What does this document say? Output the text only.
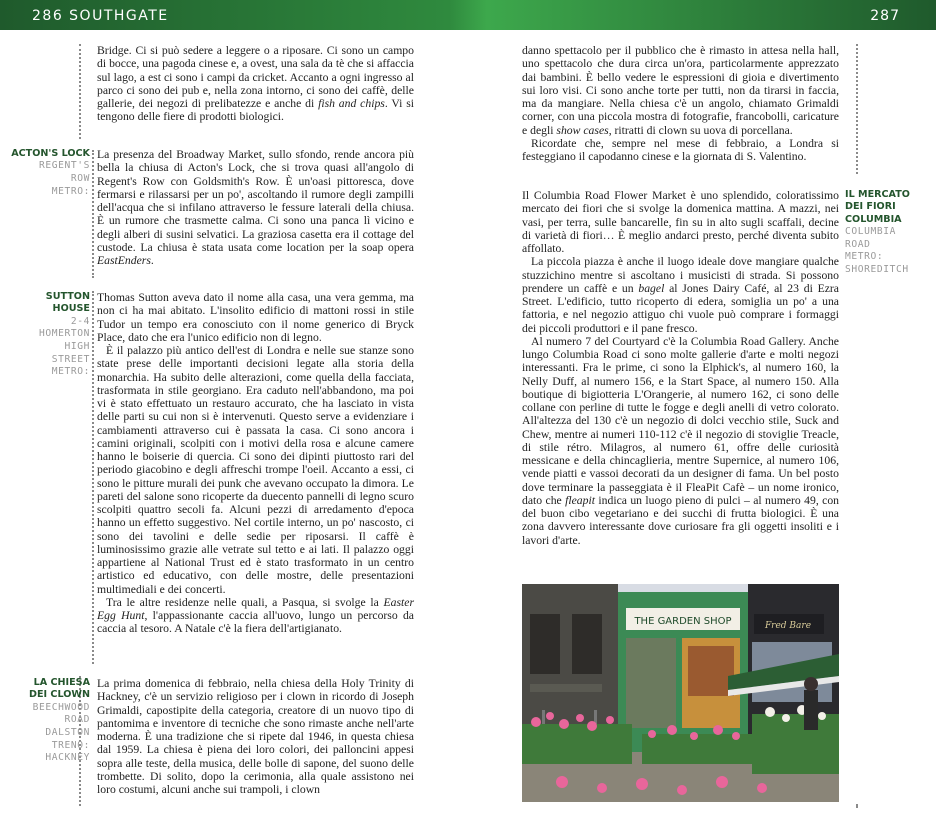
286 SOUTHGATE	287

Bridge. Ci si può sedere a leggere o a riposare. Ci sono un campo di bocce, una pagoda cinese e, a ovest, una sala da tè che si affaccia sul lago, a est ci sono i campi da cricket. Accanto a ogni ingresso al parco ci sono dei pub e, nella zona intorno, ci sono dei caffè, delle gallerie, dei negozi di prelibatezze e anche di fish and chips. Vi si tengono delle fiere di prodotti biologici.

ACTON'S LOCK
REGENT'S
ROW
METRO:

La presenza del Broadway Market, sullo sfondo, rende ancora più bella la chiusa di Acton's Lock, che si trova quasi all'angolo di Regent's Row con Goldsmith's Row. È un'oasi pittoresca, dove fermarsi e rilassarsi per un po', ascoltando il rumore degli zampilli dell'acqua che si infilano attraverso le fessure laterali della chiusa. È un rumore che trasmette calma. Ci sono una panca lì vicino e degli alberi di susini selvatici. La graziosa casetta era il cottage del custode. La chiusa è stata usata come location per la soap opera EastEnders.

SUTTON HOUSE
2-4
HOMERTON
HIGH
STREET
METRO:

Thomas Sutton aveva dato il nome alla casa, una vera gemma, ma non ci ha mai abitato. L'insolito edificio di mattoni rossi in stile Tudor un tempo era conosciuto con il nome generico di Bryck Place, dato che era l'unico edificio non di legno.

È il palazzo più antico dell'est di Londra e nelle sue stanze sono state prese delle importanti decisioni legate alla storia della monarchia. Ha subito delle alterazioni, come quella della facciata, trasformata in stile georgiano. Era caduto nell'abbandono, ma poi vi è stato effettuato un restauro accurato, che ha lasciato in vista delle parti su cui non si è intervenuti. Questo serve a evidenziare i cambiamenti attraverso cui è passata la casa. Ci sono ancora i camini originali, scolpiti con i motivi della rosa e alcune camere hanno le boiserie di quercia. Ci sono dei dipinti piuttosto rari del periodo giacobino e degli affreschi trompe l'oeil. Accanto a essi, ci sono le pitture murali dei punk che avevano occupato la dimora. Le pareti del salone sono ricoperte da duecento pannelli di legno scuro scolpiti quattro secoli fa. Alcuni pezzi di arredamento d'epoca hanno un effetto suggestivo. Nel cortile interno, un po' nascosto, ci sono dei tavolini e delle sedie per riposarsi. Il caffè è luminosissimo grazie alle vetrate sul tetto e ai lati. Il palazzo oggi appartiene al National Trust ed è stato trasformato in un centro artistico ed educativo, con delle mostre, delle presentazioni multimediali e dei concerti.

Tra le altre residenze nelle quali, a Pasqua, si svolge la Easter Egg Hunt, l'appassionante caccia all'uovo, lungo un percorso da caccia al tesoro. A Natale c'è la fiera dell'artigianato.

LA CHIESA
DEI CLOWN
BEECHWOOD
ROAD
DALSTON
TRENO:
HACKNEY

La prima domenica di febbraio, nella chiesa della Holy Trinity di Hackney, c'è un servizio religioso per i clown in ricordo di Joseph Grimaldi, capostipite della categoria, creatore di un nuovo tipo di pantomima e inventore di tecniche che sono rimaste anche nell'arte moderna. È una tradizione che si ripete dal 1946, in questa chiesa dal 1959. La chiesa è piena dei loro colori, dei palloncini appesi sopra alle teste, della musica, delle bolle di sapone, del suono delle trombette. Di solito, dopo la cerimonia, alla quale assistono nei loro costumi, alcuni anche sui trampoli, i clown

danno spettacolo per il pubblico che è rimasto in attesa nella hall, uno spettacolo che dura circa un'ora, particolarmente apprezzato dai bambini. È bello vedere le espressioni di gioia e divertimento sui loro visi. Ci sono anche torte per tutti, non da tirarsi in faccia, ma da mangiare. Nella chiesa c'è un angolo, chiamato Grimaldi corner, con una piccola mostra di fotografie, francobolli, caricature e degli show cases, ritratti di clown su uova di porcellana.

Ricordate che, sempre nel mese di febbraio, a Londra si festeggiano il capodanno cinese e la giornata di S. Valentino.

IL MERCATO
DEI FIORI
COLUMBIA
COLUMBIA
ROAD
METRO:
SHOREDITCH

Il Columbia Road Flower Market è uno splendido, coloratissimo mercato dei fiori che si svolge la domenica mattina. A mazzi, nei vasi, per terra, sulle bancarelle, fin su in alto sugli scaffali, decine di varietà di fiori… È meglio andarci presto, perché diventa subito affollato.

La piccola piazza è anche il luogo ideale dove mangiare qualche stuzzichino mentre si ascoltano i musicisti di strada. Si possono prendere un caffè e un bagel al Jones Dairy Café, al 23 di Ezra Street. L'edificio, tutto ricoperto di edera, somiglia un po' a una fattoria, e nel negozio attiguo chi vuole può comprare i formaggi dei piccoli produttori e il pane fresco.

Al numero 7 del Courtyard c'è la Columbia Road Gallery. Anche lungo Columbia Road ci sono molte gallerie d'arte e molti negozi interessanti. Fra le prime, ci sono la Elphick's, al numero 160, la Nelly Duff, al numero 156, e la Start Space, al numero 150. Alla boutique di bigiotteria L'Orangerie, al numero 162, ci sono delle collane con perline di tutte le fogge e degli anelli di vetro colorato. All'altezza del 130 c'è un negozio di dolci vecchio stile, Suck and Chew, mentre ai numeri 110-112 c'è il negozio di stoviglie Treacle, di stile rétro. Milagros, al numero 61, offre delle curiosità messicane e della chincaglieria, mentre Supernice, al numero 106, vende piatti e vassoi decorati da un designer di fama. Un bel posto dove terminare la passeggiata è il FleaPit Cafè – un nome ironico, dato che fleapit indica un luogo pieno di pulci – al numero 49, con del buon cibo vegetariano e dei succhi di frutta biologici. È una zona davvero interessante dove curiosare fra gli oggetti insoliti e i lavori d'arte.

THE GARDEN SHOP	Fred Bare
